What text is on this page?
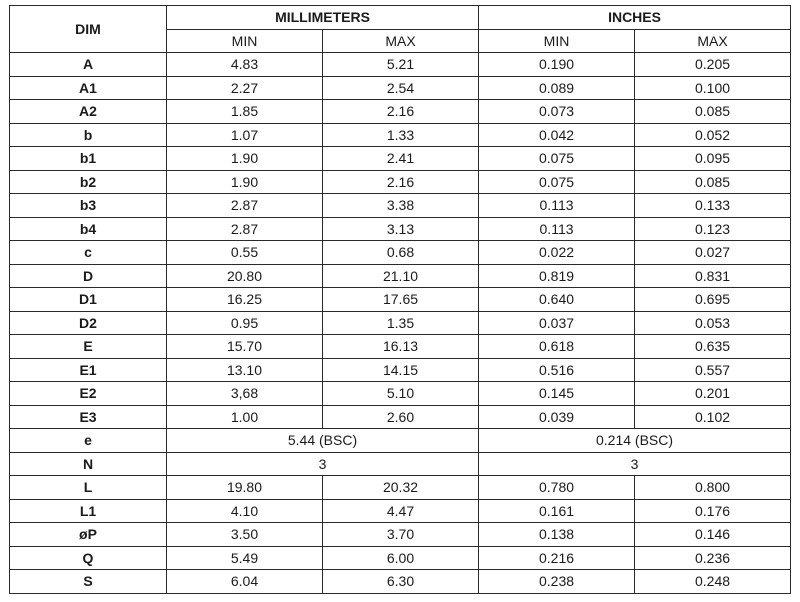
DIM	MILLIMETERS		INCHES	
	MIN	MAX	MIN	MAX
A	4.83	5.21	0.190	0.205
A1	2.27	2.54	0.089	0.100
A2	1.85	2.16	0.073	0.085
b	1.07	1.33	0.042	0.052
b1	1.90	2.41	0.075	0.095
b2	1.90	2.16	0.075	0.085
b3	2.87	3.38	0.113	0.133
b4	2.87	3.13	0.113	0.123
c	0.55	0.68	0.022	0.027
D	20.80	21.10	0.819	0.831
D1	16.25	17.65	0.640	0.695
D2	0.95	1.35	0.037	0.053
E	15.70	16.13	0.618	0.635
E1	13.10	14.15	0.516	0.557
E2	3,68	5.10	0.145	0.201
E3	1.00	2.60	0.039	0.102
e	5.44 (BSC)		0.214 (BSC)	
N	3		3	
L	19.80	20.32	0.780	0.800
L1	4.10	4.47	0.161	0.176
øP	3.50	3.70	0.138	0.146
Q	5.49	6.00	0.216	0.236
S	6.04	6.30	0.238	0.248
